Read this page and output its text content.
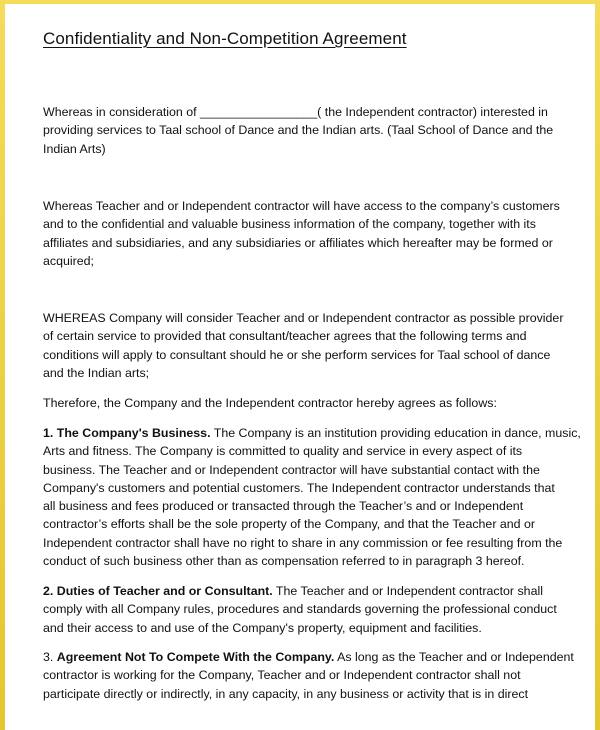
Confidentiality and Non-Competition Agreement

Whereas in consideration of _________________( the Independent contractor) interested in
providing services to Taal school of Dance and the Indian arts. (Taal School of Dance and the
Indian Arts)

Whereas Teacher and or Independent contractor will have access to the company’s customers
and to the confidential and valuable business information of the company, together with its
affiliates and subsidiaries, and any subsidiaries or affiliates which hereafter may be formed or
acquired;

WHEREAS Company will consider Teacher and or Independent contractor as possible provider
of certain service to provided that consultant/teacher agrees that the following terms and
conditions will apply to consultant should he or she perform services for Taal school of dance
and the Indian arts;

Therefore, the Company and the Independent contractor hereby agrees as follows:

1. The Company's Business. The Company is an institution providing education in dance, music,
Arts and fitness. The Company is committed to quality and service in every aspect of its
business. The Teacher and or Independent contractor will have substantial contact with the
Company's customers and potential customers. The Independent contractor understands that
all business and fees produced or transacted through the Teacher’s and or Independent
contractor’s efforts shall be the sole property of the Company, and that the Teacher and or
Independent contractor shall have no right to share in any commission or fee resulting from the
conduct of such business other than as compensation referred to in paragraph 3 hereof.

2. Duties of Teacher and or Consultant. The Teacher and or Independent contractor shall
comply with all Company rules, procedures and standards governing the professional conduct
and their access to and use of the Company's property, equipment and facilities.

3. Agreement Not To Compete With the Company. As long as the Teacher and or Independent
contractor is working for the Company, Teacher and or Independent contractor shall not
participate directly or indirectly, in any capacity, in any business or activity that is in direct
